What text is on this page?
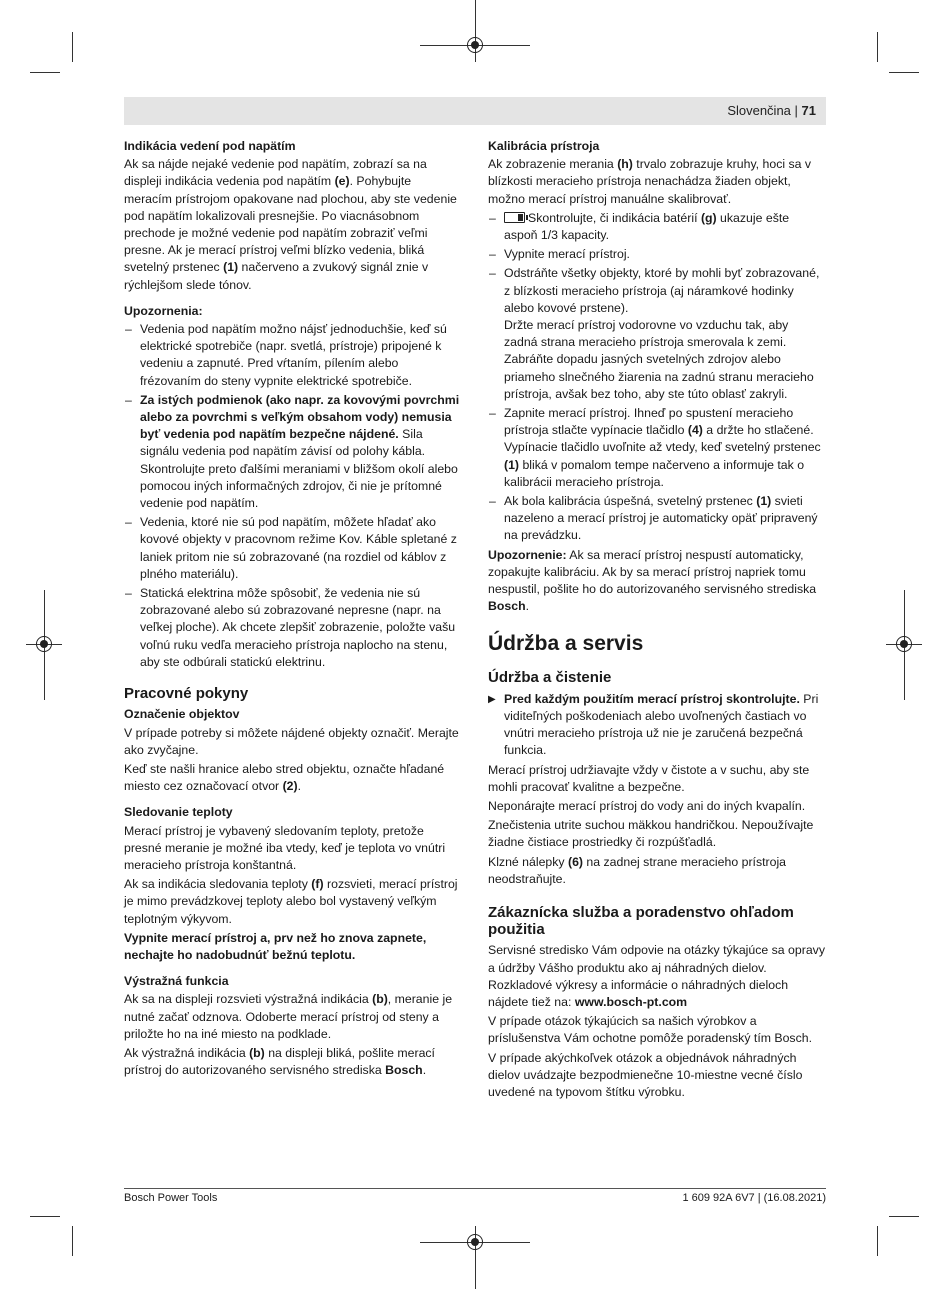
Slovenčina | 71

Indikácia vedení pod napätím

Ak sa nájde nejaké vedenie pod napätím, zobrazí sa na displeji indikácia vedenia pod napätím (e). Pohybujte meracím prístrojom opakovane nad plochou, aby ste vedenie pod napätím lokalizovali presnejšie. Po viacnásobnom prechode je možné vedenie pod napätím zobraziť veľmi presne. Ak je merací prístroj veľmi blízko vedenia, bliká svetelný prstenec (1) načerveno a zvukový signál znie v rýchlejšom slede tónov.

Upozornenia:

– Vedenia pod napätím možno nájsť jednoduchšie, keď sú elektrické spotrebiče (napr. svetlá, prístroje) pripojené k vedeniu a zapnuté. Pred vŕtaním, pílením alebo frézovaním do steny vypnite elektrické spotrebiče.
– Za istých podmienok (ako napr. za kovovými povrchmi alebo za povrchmi s veľkým obsahom vody) nemusia byť vedenia pod napätím bezpečne nájdené. Sila signálu vedenia pod napätím závisí od polohy kábla. Skontrolujte preto ďalšími meraniami v bližšom okolí alebo pomocou iných informačných zdrojov, či nie je prítomné vedenie pod napätím.
– Vedenia, ktoré nie sú pod napätím, môžete hľadať ako kovové objekty v pracovnom režime Kov. Káble spletané z laniek pritom nie sú zobrazované (na rozdiel od káblov z plného materiálu).
– Statická elektrina môže spôsobiť, že vedenia nie sú zobrazované alebo sú zobrazované nepresne (napr. na veľkej ploche). Ak chcete zlepšiť zobrazenie, položte vašu voľnú ruku vedľa meracieho prístroja naplocho na stenu, aby ste odbúrali statickú elektrinu.

Pracovné pokyny

Označenie objektov

V prípade potreby si môžete nájdené objekty označiť. Merajte ako zvyčajne.

Keď ste našli hranice alebo stred objektu, označte hľadané miesto cez označovací otvor (2).

Sledovanie teploty

Merací prístroj je vybavený sledovaním teploty, pretože presné meranie je možné iba vtedy, keď je teplota vo vnútri meracieho prístroja konštantná.

Ak sa indikácia sledovania teploty (f) rozsvieti, merací prístroj je mimo prevádzkovej teploty alebo bol vystavený veľkým teplotným výkyvom.

Vypnite merací prístroj a, prv než ho znova zapnete, nechajte ho nadobudnúť bežnú teplotu.

Výstražná funkcia

Ak sa na displeji rozsvieti výstražná indikácia (b), meranie je nutné začať odznova. Odoberte merací prístroj od steny a priložte ho na iné miesto na podklade.

Ak výstražná indikácia (b) na displeji bliká, pošlite merací prístroj do autorizovaného servisného strediska Bosch.

Kalibrácia prístroja

Ak zobrazenie merania (h) trvalo zobrazuje kruhy, hoci sa v blízkosti meracieho prístroja nenachádza žiaden objekt, možno merací prístroj manuálne skalibrovať.

– Skontrolujte, či indikácia batérií (g) ukazuje ešte aspoň 1/3 kapacity.
– Vypnite merací prístroj.
– Odstráňte všetky objekty, ktoré by mohli byť zobrazované, z blízkosti meracieho prístroja (aj náramkové hodinky alebo kovové prstene).
Držte merací prístroj vodorovne vo vzduchu tak, aby zadná strana meracieho prístroja smerovala k zemi. Zabráňte dopadu jasných svetelných zdrojov alebo priameho slnečného žiarenia na zadnú stranu meracieho prístroja, avšak bez toho, aby ste túto oblasť zakryli.
– Zapnite merací prístroj. Ihneď po spustení meracieho prístroja stlačte vypínacie tlačidlo (4) a držte ho stlačené. Vypínacie tlačidlo uvoľnite až vtedy, keď svetelný prstenec (1) bliká v pomalom tempe načerveno a informuje tak o kalibrácii meracieho prístroja.
– Ak bola kalibrácia úspešná, svetelný prstenec (1) svieti nazeleno a merací prístroj je automaticky opäť pripravený na prevádzku.

Upozornenie: Ak sa merací prístroj nespustí automaticky, zopakujte kalibráciu. Ak by sa merací prístroj napriek tomu nespustil, pošlite ho do autorizovaného servisného strediska Bosch.

Údržba a servis

Údržba a čistenie

▶ Pred každým použitím merací prístroj skontrolujte. Pri viditeľných poškodeniach alebo uvoľnených častiach vo vnútri meracieho prístroja už nie je zaručená bezpečná funkcia.

Merací prístroj udržiavajte vždy v čistote a v suchu, aby ste mohli pracovať kvalitne a bezpečne.

Neponárajte merací prístroj do vody ani do iných kvapalín.

Znečistenia utrite suchou mäkkou handričkou. Nepoužívajte žiadne čistiace prostriedky či rozpúšťadlá.

Klzné nálepky (6) na zadnej strane meracieho prístroja neodstraňujte.

Zákaznícka služba a poradenstvo ohľadom použitia

Servisné stredisko Vám odpovie na otázky týkajúce sa opravy a údržby Vášho produktu ako aj náhradných dielov. Rozkladové výkresy a informácie o náhradných dieloch nájdete tiež na: www.bosch-pt.com

V prípade otázok týkajúcich sa našich výrobkov a príslušenstva Vám ochotne pomôže poradenský tím Bosch.

V prípade akýchkoľvek otázok a objednávok náhradných dielov uvádzajte bezpodmienečne 10-miestne vecné číslo uvedené na typovom štítku výrobku.

Bosch Power Tools	1 609 92A 6V7 | (16.08.2021)
